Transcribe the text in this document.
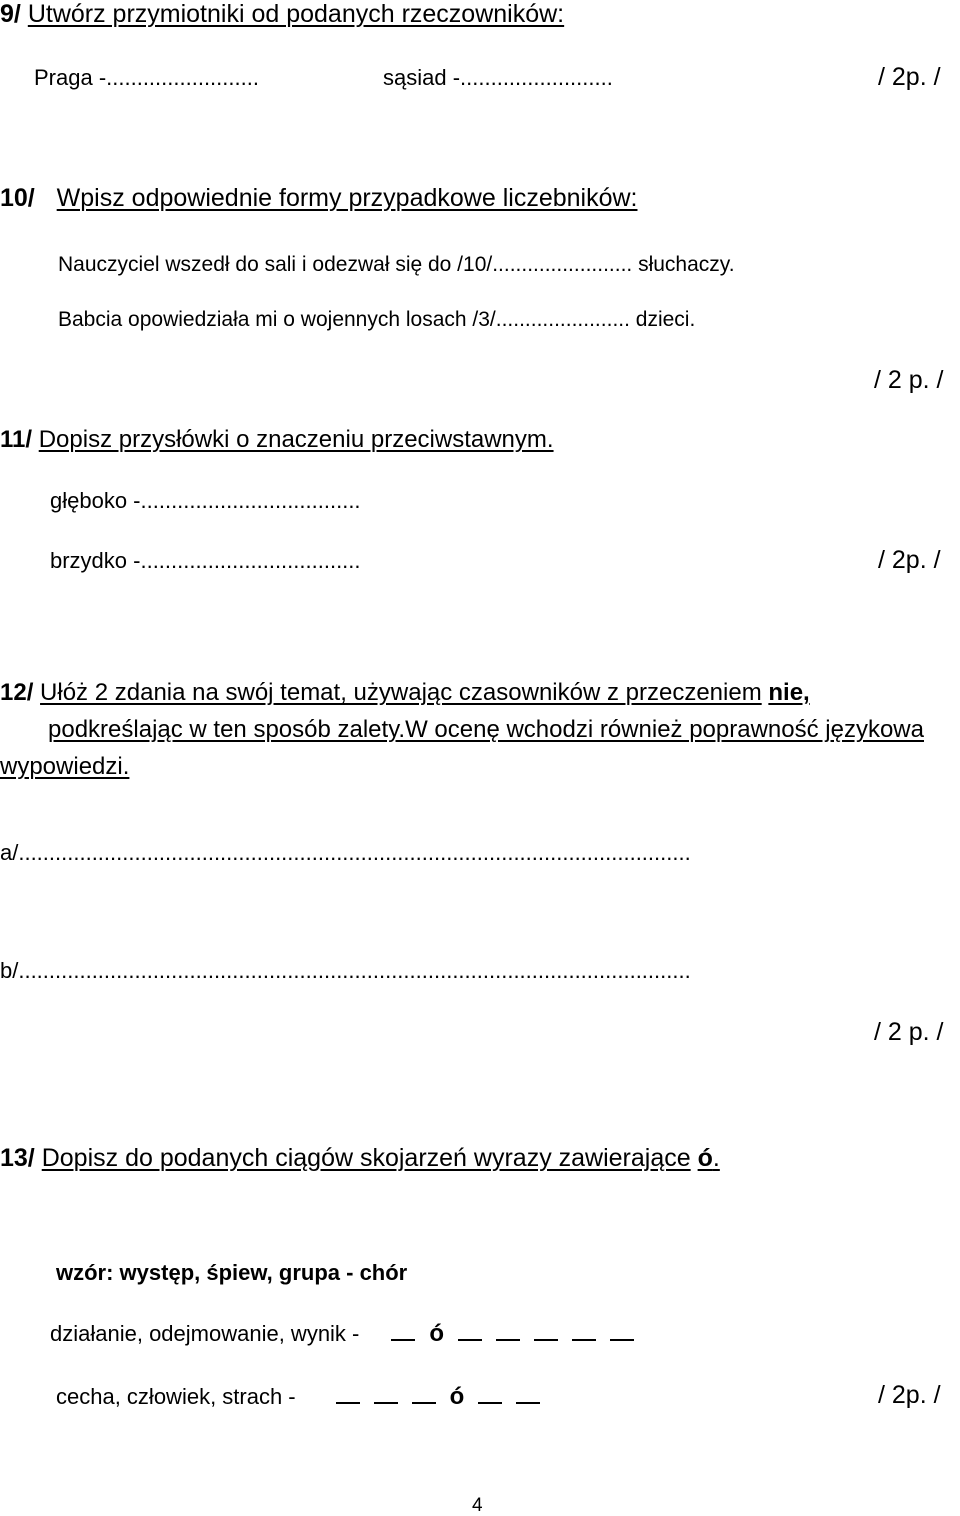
9/ Utwórz przymiotniki od podanych rzeczowników:
Praga -.........................	sąsiad -.........................	/ 2p. /
10/ Wpisz odpowiednie formy przypadkowe liczebników:
Nauczyciel wszedł do sali i odezwał się do /10/........................ słuchaczy.
Babcia opowiedziała mi o wojennych losach /3/....................... dzieci.
/ 2 p. /
11/ Dopisz przysłówki o znaczeniu przeciwstawnym.
głęboko -....................................
brzydko -....................................	/ 2p. /
12/ Ułóż 2 zdania na swój temat, używając czasowników z przeczeniem nie,
podkreślając w ten sposób zalety.W ocenę wchodzi również poprawność językowa wypowiedzi.
a/..............................................................................................................
b/..............................................................................................................
/ 2 p. /
13/ Dopisz do podanych ciągów skojarzeń wyrazy zawierające ó.
wzór: występ, śpiew, grupa - chór
działanie, odejmowanie, wynik -	ó
cecha, człowiek, strach -	ó	/ 2p. /
4
